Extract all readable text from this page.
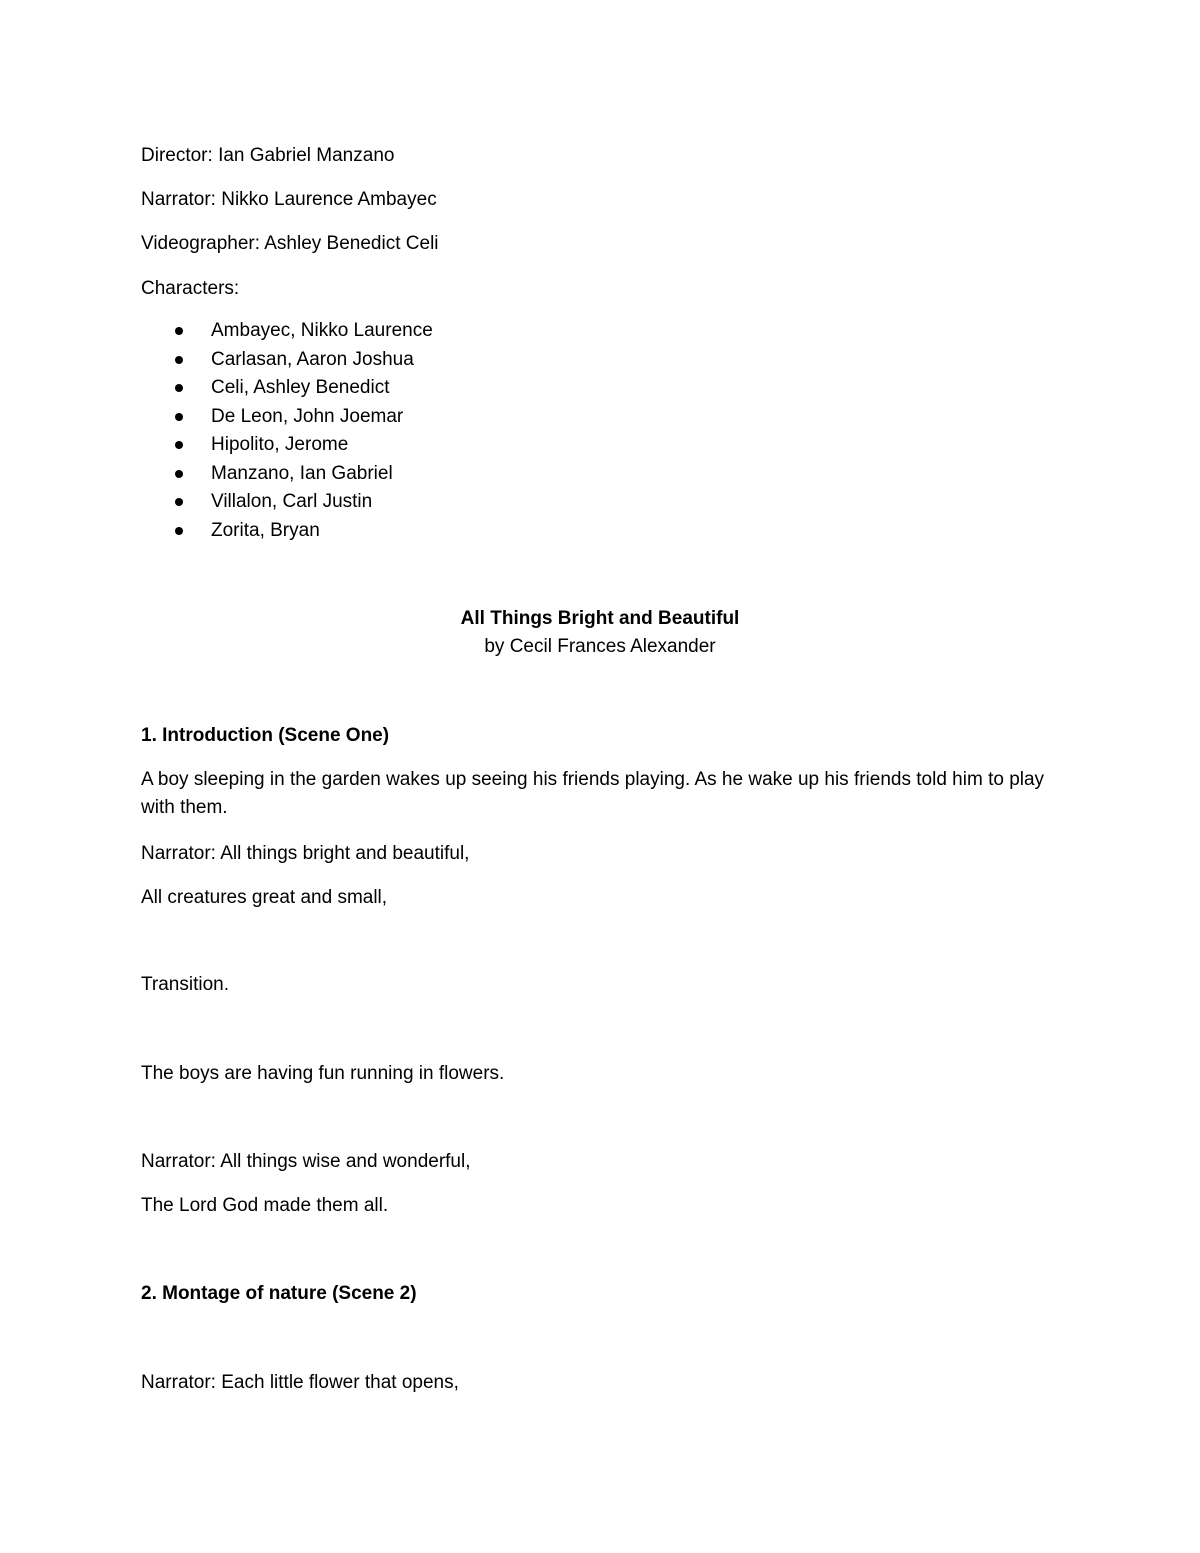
Director: Ian Gabriel Manzano

Narrator: Nikko Laurence Ambayec

Videographer: Ashley Benedict Celi

Characters:

Ambayec, Nikko Laurence
Carlasan, Aaron Joshua
Celi, Ashley Benedict
De Leon, John Joemar
Hipolito, Jerome
Manzano, Ian Gabriel
Villalon, Carl Justin
Zorita, Bryan

All Things Bright and Beautiful

by Cecil Frances Alexander

1. Introduction (Scene One)

A boy sleeping in the garden wakes up seeing his friends playing. As he wake up his friends told him to play with them.

Narrator: All things bright and beautiful,

All creatures great and small,

Transition.

The boys are having fun running in flowers.

Narrator: All things wise and wonderful,

The Lord God made them all.

2. Montage of nature (Scene 2)

Narrator: Each little flower that opens,
